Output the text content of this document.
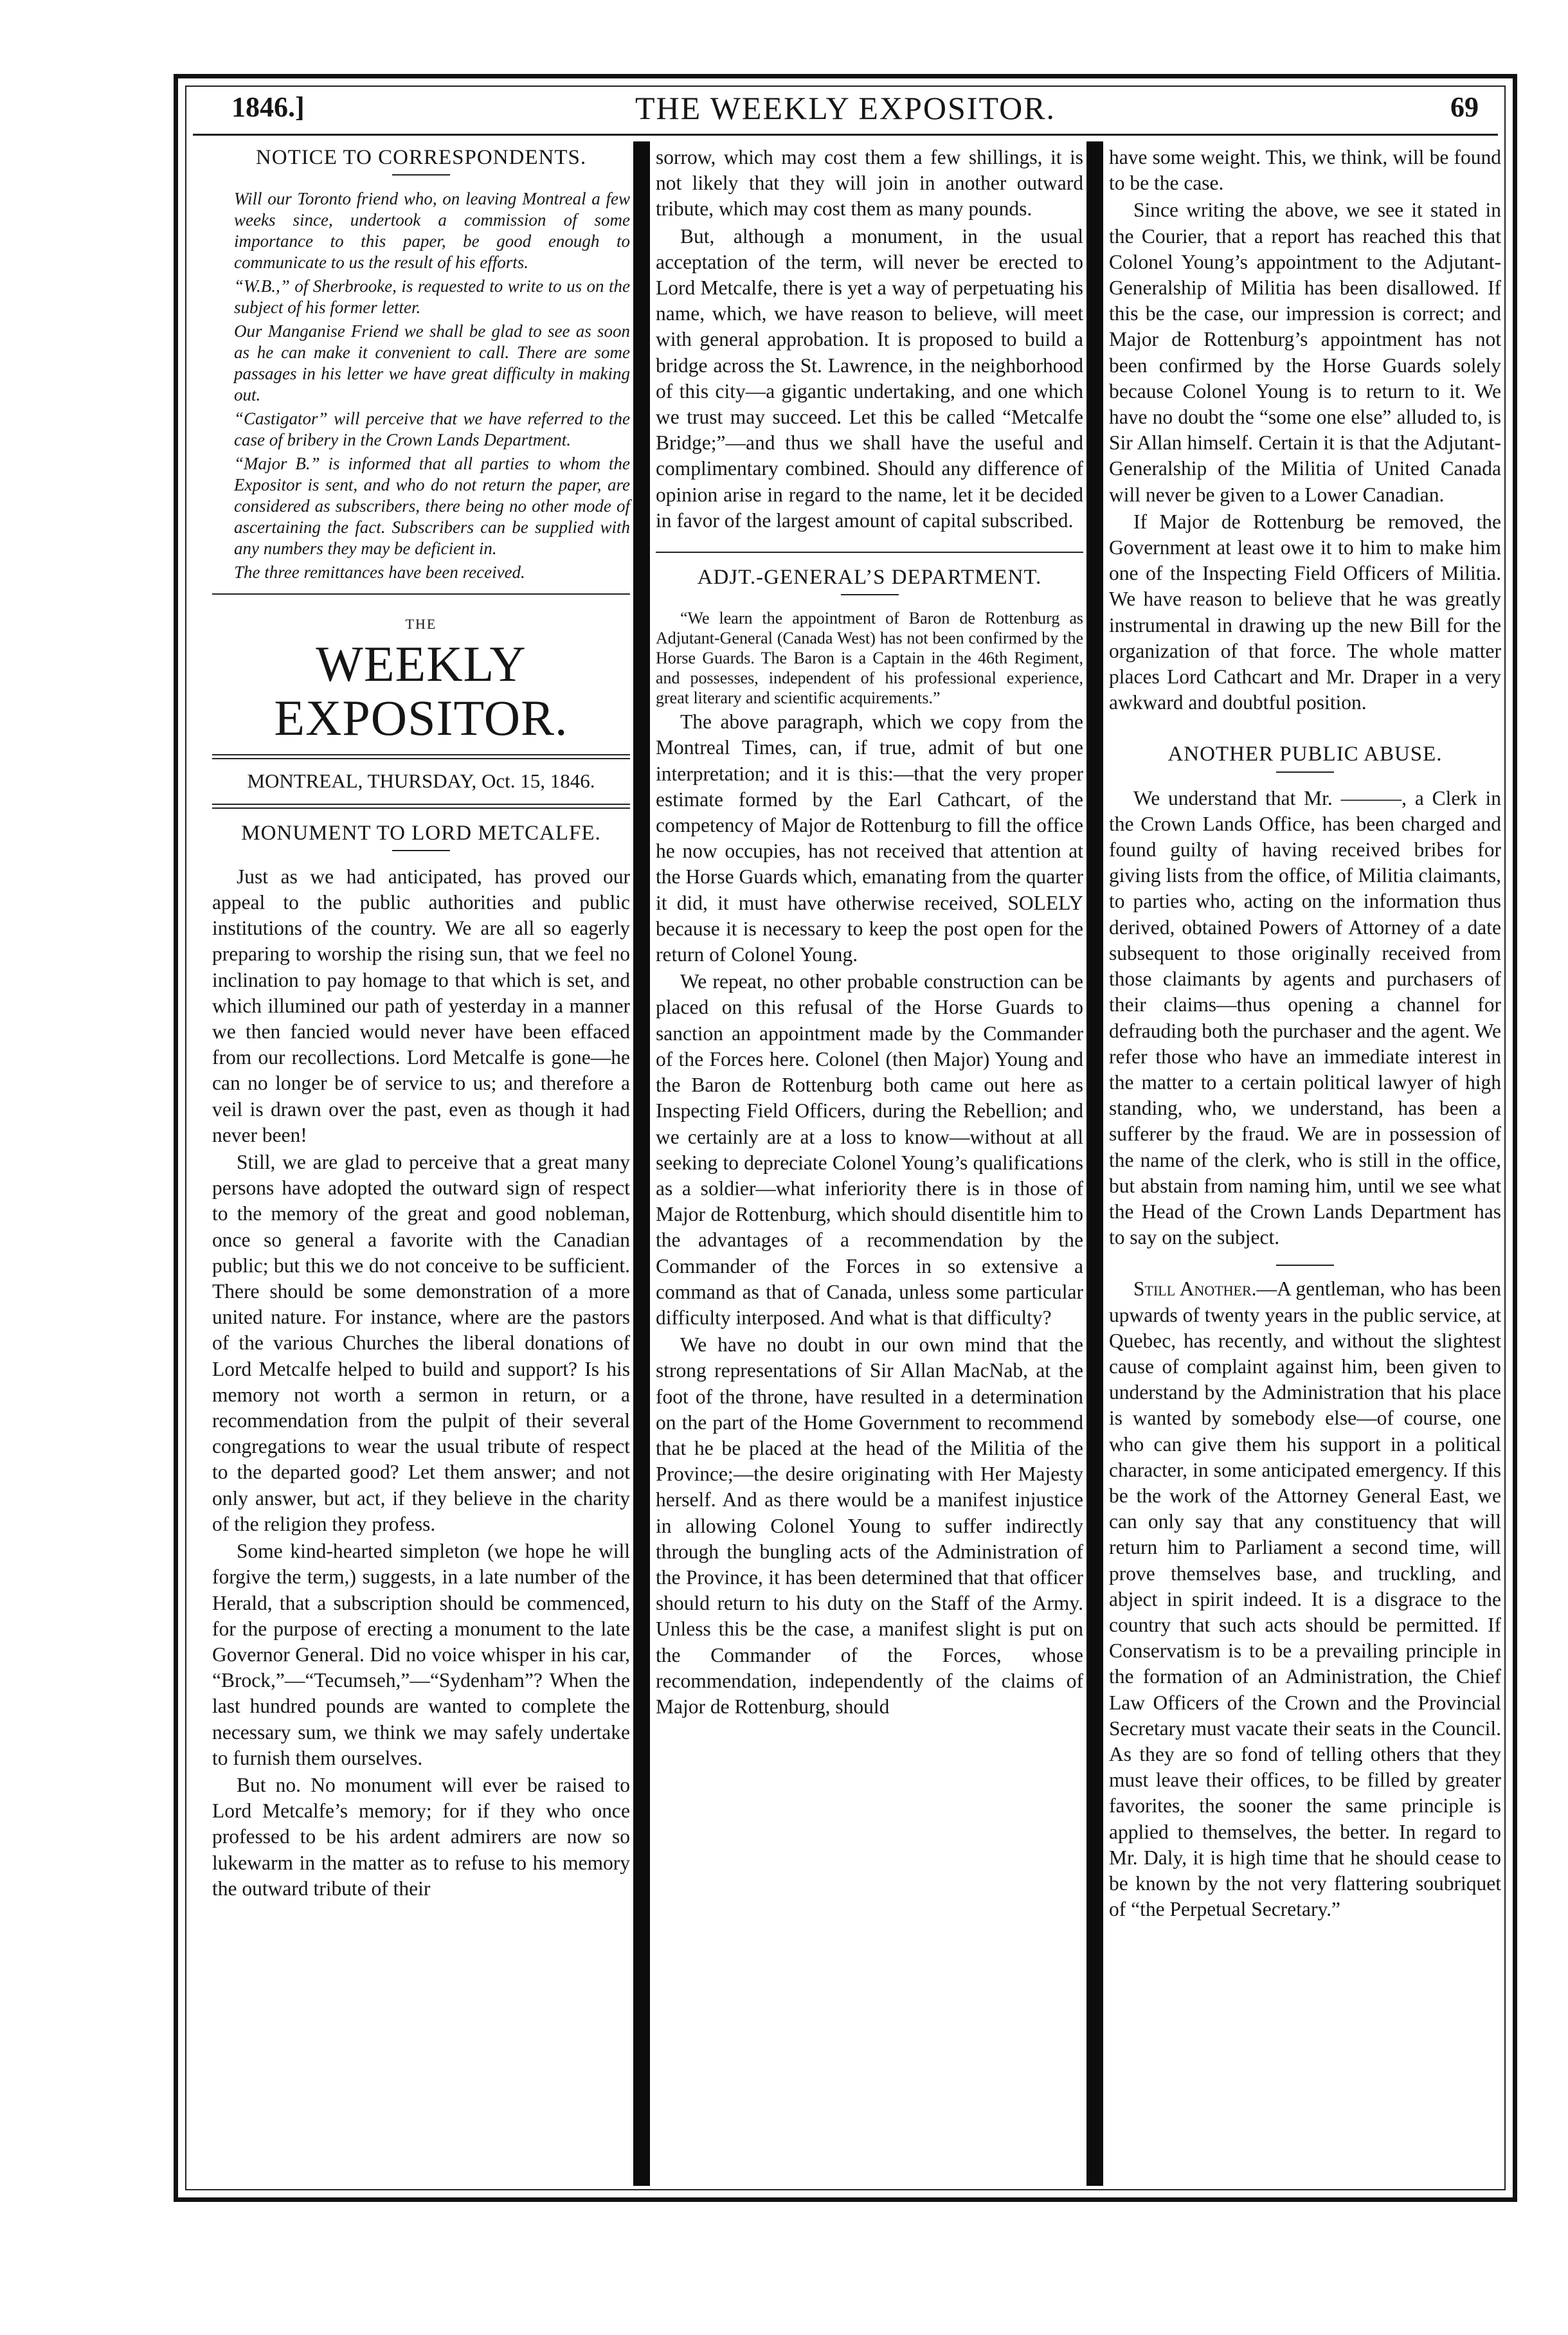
1846.]	THE WEEKLY EXPOSITOR.	69
NOTICE TO CORRESPONDENTS.

Will our Toronto friend who, on leaving Montreal a few weeks since, undertook a commission of some importance to this paper, be good enough to communicate to us the result of his efforts.

“W.B.,” of Sherbrooke, is requested to write to us on the subject of his former letter.

Our Manganise Friend we shall be glad to see as soon as he can make it convenient to call. There are some passages in his letter we have great difficulty in making out.

“Castigator” will perceive that we have referred to the case of bribery in the Crown Lands Department.

“Major B.” is informed that all parties to whom the Expositor is sent, and who do not return the paper, are considered as subscribers, there being no other mode of ascertaining the fact. Subscribers can be supplied with any numbers they may be deficient in.

The three remittances have been received.

THE
WEEKLY EXPOSITOR.
MONTREAL, THURSDAY, Oct. 15, 1846.
MONUMENT TO LORD METCALFE.

Just as we had anticipated, has proved our appeal to the public authorities and public institutions of the country. We are all so eagerly preparing to worship the rising sun, that we feel no inclination to pay homage to that which is set, and which illumined our path of yesterday in a manner we then fancied would never have been effaced from our recollections. Lord Metcalfe is gone—he can no longer be of service to us; and therefore a veil is drawn over the past, even as though it had never been!

Still, we are glad to perceive that a great many persons have adopted the outward sign of respect to the memory of the great and good nobleman, once so general a favorite with the Canadian public; but this we do not conceive to be sufficient. There should be some demonstration of a more united nature. For instance, where are the pastors of the various Churches the liberal donations of Lord Metcalfe helped to build and support? Is his memory not worth a sermon in return, or a recommendation from the pulpit of their several congregations to wear the usual tribute of respect to the departed good? Let them answer; and not only answer, but act, if they believe in the charity of the religion they profess.

Some kind-hearted simpleton (we hope he will forgive the term,) suggests, in a late number of the Herald, that a subscription should be commenced, for the purpose of erecting a monument to the late Governor General. Did no voice whisper in his car, “Brock,”—“Tecumseh,”—“Sydenham”? When the last hundred pounds are wanted to complete the necessary sum, we think we may safely undertake to furnish them ourselves.

But no. No monument will ever be raised to Lord Metcalfe’s memory; for if they who once professed to be his ardent admirers are now so lukewarm in the matter as to refuse to his memory the outward tribute of their

sorrow, which may cost them a few shillings, it is not likely that they will join in another outward tribute, which may cost them as many pounds.

But, although a monument, in the usual acceptation of the term, will never be erected to Lord Metcalfe, there is yet a way of perpetuating his name, which, we have reason to believe, will meet with general approbation. It is proposed to build a bridge across the St. Lawrence, in the neighborhood of this city—a gigantic undertaking, and one which we trust may succeed. Let this be called “Metcalfe Bridge;”—and thus we shall have the useful and complimentary combined. Should any difference of opinion arise in regard to the name, let it be decided in favor of the largest amount of capital subscribed.

ADJT.-GENERAL’S DEPARTMENT.

“We learn the appointment of Baron de Rottenburg as Adjutant-General (Canada West) has not been confirmed by the Horse Guards. The Baron is a Captain in the 46th Regiment, and possesses, independent of his professional experience, great literary and scientific acquirements.”

The above paragraph, which we copy from the Montreal Times, can, if true, admit of but one interpretation; and it is this:—that the very proper estimate formed by the Earl Cathcart, of the competency of Major de Rottenburg to fill the office he now occupies, has not received that attention at the Horse Guards which, emanating from the quarter it did, it must have otherwise received, SOLELY because it is necessary to keep the post open for the return of Colonel Young.

We repeat, no other probable construction can be placed on this refusal of the Horse Guards to sanction an appointment made by the Commander of the Forces here. Colonel (then Major) Young and the Baron de Rottenburg both came out here as Inspecting Field Officers, during the Rebellion; and we certainly are at a loss to know—without at all seeking to depreciate Colonel Young’s qualifications as a soldier—what inferiority there is in those of Major de Rottenburg, which should disentitle him to the advantages of a recommendation by the Commander of the Forces in so extensive a command as that of Canada, unless some particular difficulty interposed. And what is that difficulty?

We have no doubt in our own mind that the strong representations of Sir Allan MacNab, at the foot of the throne, have resulted in a determination on the part of the Home Government to recommend that he be placed at the head of the Militia of the Province;—the desire originating with Her Majesty herself. And as there would be a manifest injustice in allowing Colonel Young to suffer indirectly through the bungling acts of the Administration of the Province, it has been determined that that officer should return to his duty on the Staff of the Army. Unless this be the case, a manifest slight is put on the Commander of the Forces, whose recommendation, independently of the claims of Major de Rottenburg, should

have some weight. This, we think, will be found to be the case.

Since writing the above, we see it stated in the Courier, that a report has reached this that Colonel Young’s appointment to the Adjutant-Generalship of Militia has been disallowed. If this be the case, our impression is correct; and Major de Rottenburg’s appointment has not been confirmed by the Horse Guards solely because Colonel Young is to return to it. We have no doubt the “some one else” alluded to, is Sir Allan himself. Certain it is that the Adjutant-Generalship of the Militia of United Canada will never be given to a Lower Canadian.

If Major de Rottenburg be removed, the Government at least owe it to him to make him one of the Inspecting Field Officers of Militia. We have reason to believe that he was greatly instrumental in drawing up the new Bill for the organization of that force. The whole matter places Lord Cathcart and Mr. Draper in a very awkward and doubtful position.

ANOTHER PUBLIC ABUSE.

We understand that Mr. ———, a Clerk in the Crown Lands Office, has been charged and found guilty of having received bribes for giving lists from the office, of Militia claimants, to parties who, acting on the information thus derived, obtained Powers of Attorney of a date subsequent to those originally received from those claimants by agents and purchasers of their claims—thus opening a channel for defrauding both the purchaser and the agent. We refer those who have an immediate interest in the matter to a certain political lawyer of high standing, who, we understand, has been a sufferer by the fraud. We are in possession of the name of the clerk, who is still in the office, but abstain from naming him, until we see what the Head of the Crown Lands Department has to say on the subject.

Still Another.—A gentleman, who has been upwards of twenty years in the public service, at Quebec, has recently, and without the slightest cause of complaint against him, been given to understand by the Administration that his place is wanted by somebody else—of course, one who can give them his support in a political character, in some anticipated emergency. If this be the work of the Attorney General East, we can only say that any constituency that will return him to Parliament a second time, will prove themselves base, and truckling, and abject in spirit indeed. It is a disgrace to the country that such acts should be permitted. If Conservatism is to be a prevailing principle in the formation of an Administration, the Chief Law Officers of the Crown and the Provincial Secretary must vacate their seats in the Council. As they are so fond of telling others that they must leave their offices, to be filled by greater favorites, the sooner the same principle is applied to themselves, the better. In regard to Mr. Daly, it is high time that he should cease to be known by the not very flattering soubriquet of “the Perpetual Secretary.”
